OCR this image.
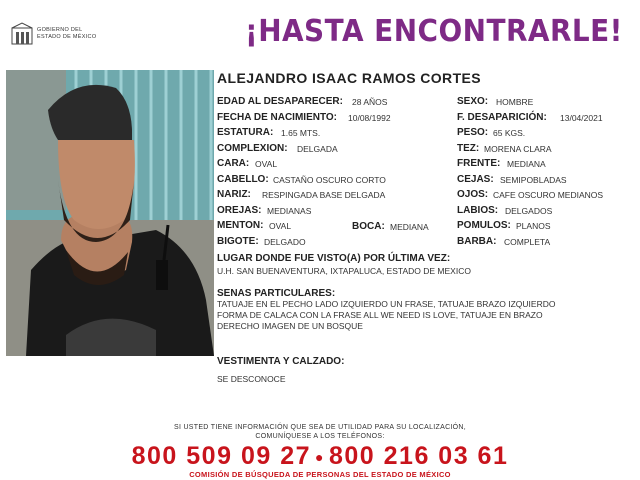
GOBIERNO DEL
ESTADO DE MÉXICO	¡HASTA ENCONTRARLE!
ALEJANDRO ISAAC RAMOS CORTES
EDAD AL DESAPARECER: 28 AÑOS
FECHA DE NACIMIENTO: 10/08/1992
ESTATURA: 1.65 MTS.
COMPLEXION: DELGADA
CARA: OVAL
CABELLO: CASTAÑO OSCURO CORTO
NARIZ: RESPINGADA BASE DELGADA
OREJAS: MEDIANAS
MENTON: OVAL	BOCA: MEDIANA
BIGOTE: DELGADO
SEXO: HOMBRE
F. DESAPARICIÓN: 13/04/2021
PESO: 65 KGS.
TEZ: MORENA CLARA
FRENTE: MEDIANA
CEJAS: SEMIPOBLADAS
OJOS: CAFE OSCURO MEDIANOS
LABIOS: DELGADOS
POMULOS: PLANOS
BARBA: COMPLETA
LUGAR DONDE FUE VISTO(A) POR ÚLTIMA VEZ:
U.H. SAN BUENAVENTURA, IXTAPALUCA, ESTADO DE MEXICO
SENAS PARTICULARES:
TATUAJE EN EL PECHO LADO IZQUIERDO UN FRASE, TATUAJE BRAZO IZQUIERDO
FORMA DE CALACA CON LA FRASE ALL WE NEED IS LOVE, TATUAJE EN BRAZO
DERECHO IMAGEN DE UN BOSQUE
VESTIMENTA Y CALZADO:
SE DESCONOCE
SI USTED TIENE INFORMACIÓN QUE SEA DE UTILIDAD PARA SU LOCALIZACIÓN,
COMUNÍQUESE A LOS TELÉFONOS:
800 509 09 27 ● 800 216 03 61
COMISIÓN DE BÚSQUEDA DE PERSONAS DEL ESTADO DE MÉXICO
